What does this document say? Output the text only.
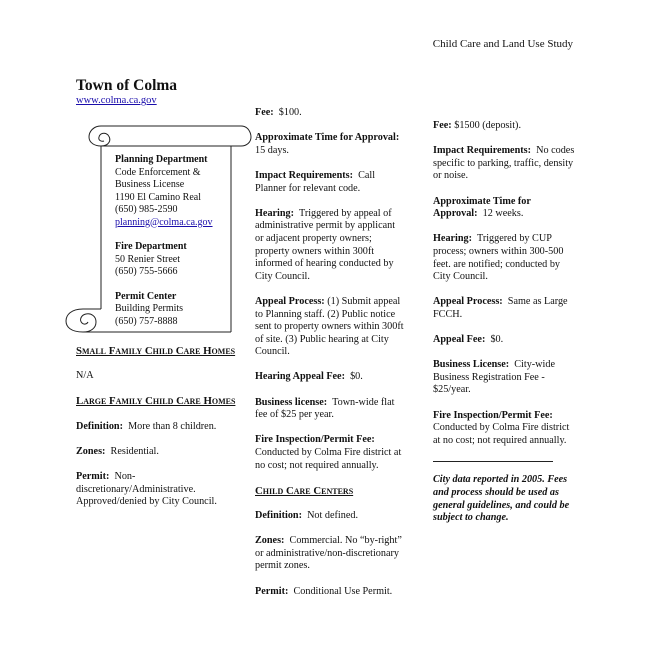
Child Care and Land Use Study
Town of Colma
www.colma.ca.gov
Planning Department
Code Enforcement &
Business License
1190 El Camino Real
(650) 985-2590
planning@colma.ca.gov
Fire Department
50 Renier Street
(650) 755-5666
Permit Center
Building Permits
(650) 757-8888
Small Family Child Care Homes
N/A
Large Family Child Care Homes
Definition: More than 8 children.
Zones: Residential.
Permit: Non-discretionary/Administrative. Approved/denied by City Council.
Fee: $100.
Approximate Time for Approval:  15 days.
Impact Requirements: Call Planner for relevant code.
Hearing: Triggered by appeal of administrative permit by applicant or adjacent property owners; property owners within 300ft informed of hearing conducted by City Council.
Appeal Process: (1) Submit appeal to Planning staff. (2) Public notice sent to property owners within 300ft of site. (3) Public hearing at City Council.
Hearing Appeal Fee: $0.
Business license: Town-wide flat fee of $25 per year.
Fire Inspection/Permit Fee: Conducted by Colma Fire district at no cost; not required annually.
Child Care Centers
Definition: Not defined.
Zones: Commercial. No “by-right” or administrative/non-discretionary permit zones.
Permit: Conditional Use Permit.
Fee: $1500 (deposit).
Impact Requirements: No codes specific to parking, traffic, density or noise.
Approximate Time for Approval: 12 weeks.
Hearing: Triggered by CUP process; owners within 300-500 feet. are notified; conducted by City Council.
Appeal Process: Same as Large FCCH.
Appeal Fee: $0.
Business License: City-wide Business Registration Fee - $25/year.
Fire Inspection/Permit Fee: Conducted by Colma Fire district at no cost; not required annually.
City data reported in 2005. Fees and process should be used as general guidelines, and could be subject to change.
